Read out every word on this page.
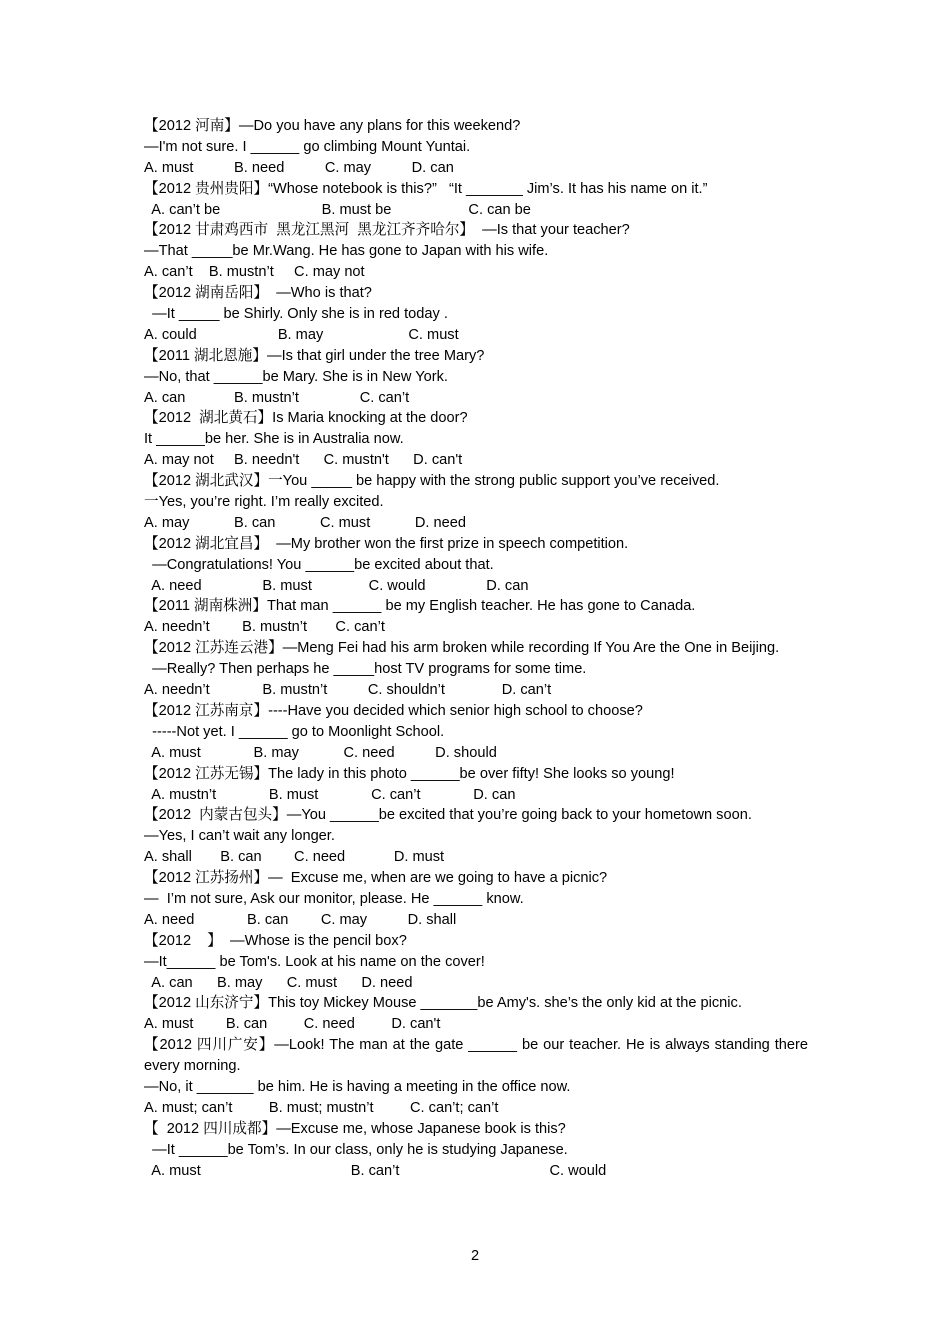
【2012 河南】—Do you have any plans for this weekend?
—I'm not sure. I ______ go climbing Mount Yuntai.
A. must          B. need          C. may          D. can
【2012 贵州贵阳】“Whose notebook is this?”   “It _______ Jim’s. It has his name on it.”
A. can’t be                         B. must be                   C. can be
【2012 甘肃鸡西市  黑龙江黑河  黑龙江齐齐哈尔】  —Is that your teacher?
—That _____be Mr.Wang. He has gone to Japan with his wife.
A. can’t    B. mustn’t     C. may not
【2012 湖南岳阳】  —Who is that?
—It _____ be Shirly. Only she is in red today .
A. could                    B. may                     C. must
【2011 湖北恩施】—Is that girl under the tree Mary?
—No, that ______be Mary. She is in New York.
A. can            B. mustn’t               C. can’t
【2012  湖北黄石】Is Maria knocking at the door?
It ______be her. She is in Australia now.
A. may not     B. needn't      C. mustn't      D. can't
【2012 湖北武汉】一You _____ be happy with the strong public support you’ve received.
一Yes, you’re right. I’m really excited.
A. may           B. can           C. must           D. need
【2012 湖北宜昌】  —My brother won the first prize in speech competition.
—Congratulations! You ______be excited about that.
A. need               B. must              C. would               D. can
【2011 湖南株洲】That man ______ be my English teacher. He has gone to Canada.
A. needn’t        B. mustn’t       C. can’t
【2012 江苏连云港】—Meng Fei had his arm broken while recording If You Are the One in Beijing.
—Really? Then perhaps he _____host TV programs for some time.
A. needn’t             B. mustn’t          C. shouldn’t              D. can’t
【2012 江苏南京】----Have you decided which senior high school to choose?
-----Not yet. I ______ go to Moonlight School.
A. must             B. may           C. need          D. should
【2012 江苏无锡】The lady in this photo ______be over fifty! She looks so young!
A. mustn’t             B. must             C. can’t             D. can
【2012  内蒙古包头】—You ______be excited that you’re going back to your hometown soon.
—Yes, I can’t wait any longer.
A. shall       B. can        C. need            D. must
【2012 江苏扬州】—  Excuse me, when are we going to have a picnic?
—  I’m not sure, Ask our monitor, please. He ______ know.
A. need             B. can        C. may          D. shall
【2012    】  —Whose is the pencil box?
—It______ be Tom's. Look at his name on the cover!
A. can      B. may      C. must      D. need
【2012 山东济宁】This toy Mickey Mouse _______be Amy's. she’s the only kid at the picnic.
A. must        B. can         C. need         D. can't
【2012 四川广安】—Look! The man at the gate ______ be our teacher. He is always standing there every morning.
—No, it _______ be him. He is having a meeting in the office now.
A. must; can’t         B. must; mustn’t         C. can’t; can’t
【  2012 四川成都】—Excuse me, whose Japanese book is this?
—It ______be Tom’s. In our class, only he is studying Japanese.
A. must                                     B. can’t                                     C. would
2
